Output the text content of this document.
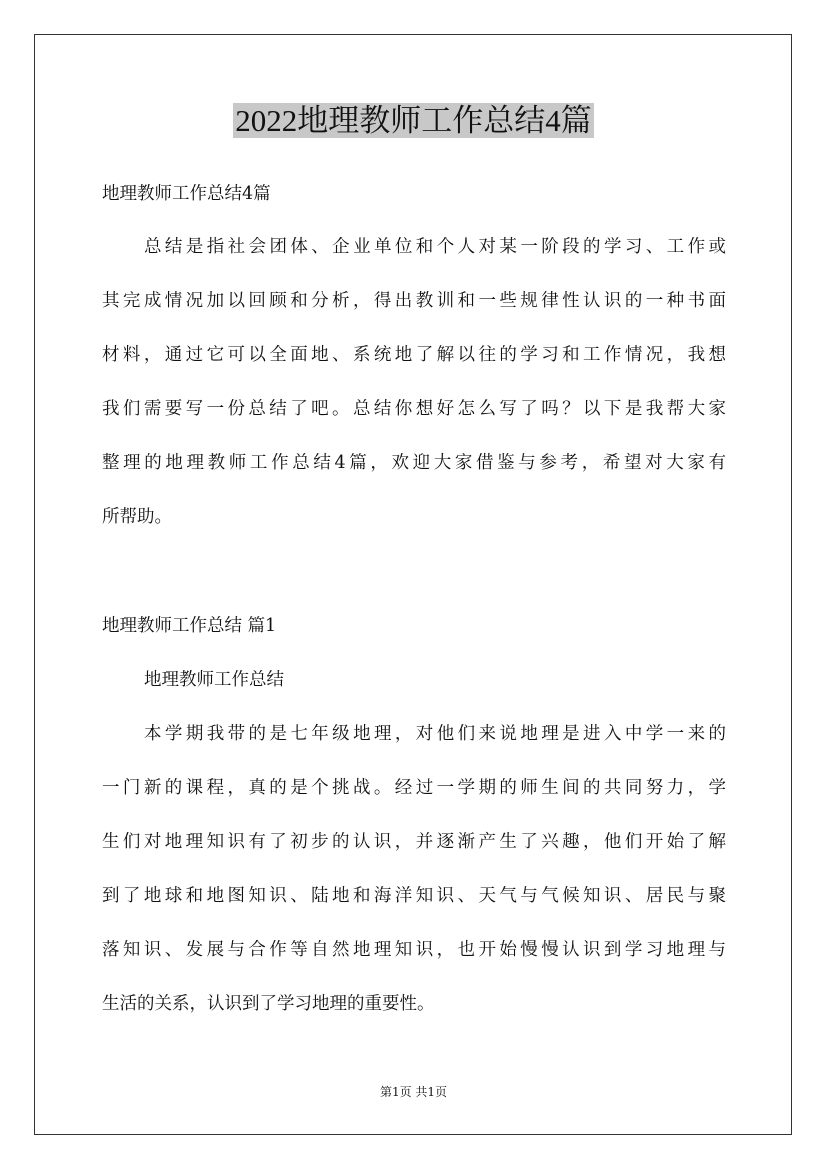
2022地理教师工作总结4篇
地理教师工作总结4篇
总结是指社会团体、企业单位和个人对某一阶段的学习、工作或
其完成情况加以回顾和分析，得出教训和一些规律性认识的一种书面
材料，通过它可以全面地、系统地了解以往的学习和工作情况，我想
我们需要写一份总结了吧。总结你想好怎么写了吗？以下是我帮大家
整理的地理教师工作总结4篇，欢迎大家借鉴与参考，希望对大家有
所帮助。
地理教师工作总结 篇1
地理教师工作总结
本学期我带的是七年级地理，对他们来说地理是进入中学一来的
一门新的课程，真的是个挑战。经过一学期的师生间的共同努力，学
生们对地理知识有了初步的认识，并逐渐产生了兴趣，他们开始了解
到了地球和地图知识、陆地和海洋知识、天气与气候知识、居民与聚
落知识、发展与合作等自然地理知识，也开始慢慢认识到学习地理与
生活的关系，认识到了学习地理的重要性。
第1页 共1页
